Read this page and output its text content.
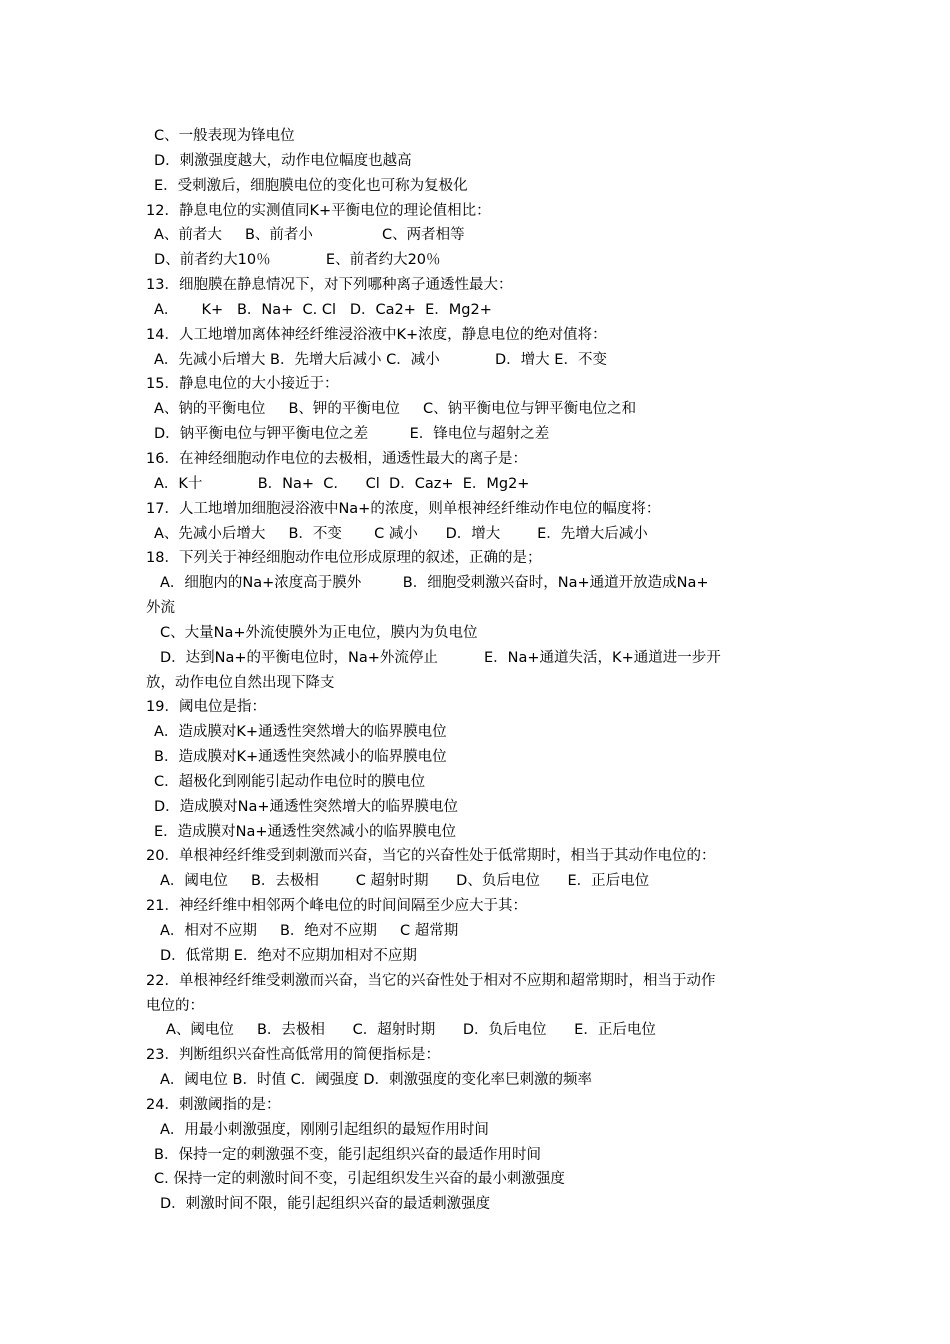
C、一般表现为锋电位
D．刺激强度越大，动作电位幅度也越高
E．受刺激后，细胞膜电位的变化也可称为复极化
12．静息电位的实测值同K+平衡电位的理论值相比：
A、前者大     B、前者小               C、两者相等
D、前者约大10％            E、前者约大20％
13．细胞膜在静息情况下，对下列哪种离子通透性最大：
A．     K+   B．Na+  C. Cl   D．Ca2+  E．Mg2+
14．人工地增加离体神经纤维浸浴液中K+浓度，静息电位的绝对值将：
A．先减小后增大 B．先增大后减小 C．减小            D．增大 E．不变
15．静息电位的大小接近于：
A、钠的平衡电位     B、钾的平衡电位     C、钠平衡电位与钾平衡电位之和
D．钠平衡电位与钾平衡电位之差         E．锋电位与超射之差
16．在神经细胞动作电位的去极相，通透性最大的离子是：
A．K十            B．Na+  C.      Cl  D．Caz+  E．Mg2+
17．人工地增加细胞浸浴液中Na+的浓度，则单根神经纤维动作电位的幅度将：
A、先减小后增大     B．不变       C 减小      D．增大        E．先增大后减小
18．下列关于神经细胞动作电位形成原理的叙述，正确的是；
A．细胞内的Na+浓度高于膜外         B．细胞受刺激兴奋时，Na+通道开放造成Na+
外流
C、大量Na+外流使膜外为正电位，膜内为负电位
D．达到Na+的平衡电位时，Na+外流停止          E．Na+通道失活，K+通道进一步开
放，动作电位自然出现下降支
19．阈电位是指：
A．造成膜对K+通透性突然增大的临界膜电位
B．造成膜对K+通透性突然减小的临界膜电位
C．超极化到刚能引起动作电位时的膜电位
D．造成膜对Na+通透性突然增大的临界膜电位
E．造成膜对Na+通透性突然减小的临界膜电位
20．单根神经纤维受到刺激而兴奋，当它的兴奋性处于低常期时，相当于其动作电位的：
A．阈电位     B．去极相        C 超射时期      D、负后电位      E．正后电位
21．神经纤维中相邻两个峰电位的时间间隔至少应大于其：
A．相对不应期     B．绝对不应期     C 超常期
D．低常期 E．绝对不应期加相对不应期
22．单根神经纤维受刺激而兴奋，当它的兴奋性处于相对不应期和超常期时，相当于动作
电位的：
A、阈电位     B．去极相      C．超射时期      D．负后电位      E．正后电位
23．判断组织兴奋性高低常用的简便指标是：
A．阈电位 B．时值 C．阈强度 D．刺激强度的变化率巳刺激的频率
24．刺激阈指的是：
A．用最小刺激强度，刚刚引起组织的最短作用时间
B．保持一定的刺激强不变，能引起组织兴奋的最适作用时间
C. 保持一定的刺激时间不变，引起组织发生兴奋的最小刺激强度
D．刺激时间不限，能引起组织兴奋的最适刺激强度
